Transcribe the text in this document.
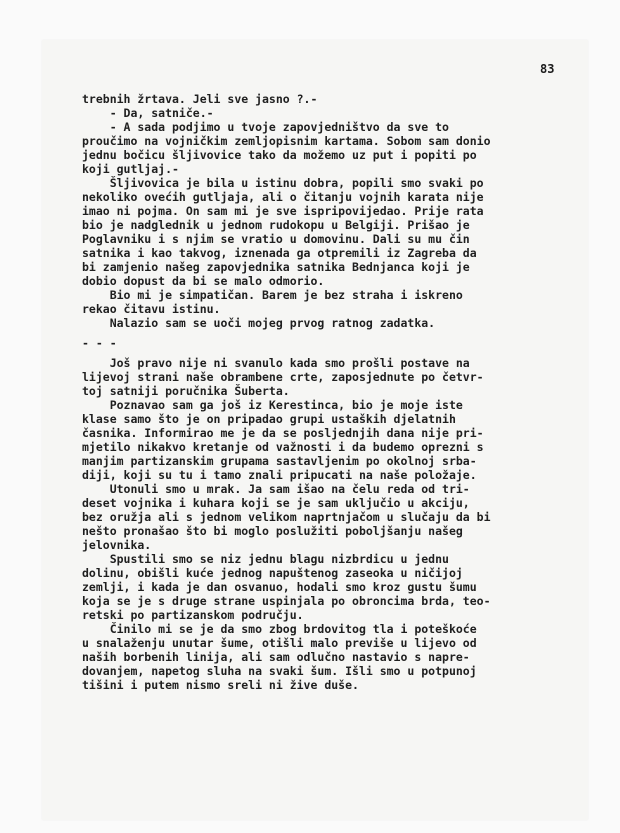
83

trebnih žrtava. Jeli sve jasno ?.-
- Da, satniče.-
- A sada podjimo u tvoje zapovjedništvo da sve to
proučimo na vojničkim zemljopisnim kartama. Sobom sam donio
jednu bočicu šljivovice tako da možemo uz put i popiti po
koji gutljaj.-
Šljivovica je bila u istinu dobra, popili smo svaki po
nekoliko ovećih gutljaja, ali o čitanju vojnih karata nije
imao ni pojma. On sam mi je sve ispripovijedao. Prije rata
bio je nadglednik u jednom rudokopu u Belgiji. Prišao je
Poglavniku i s njim se vratio u domovinu. Dali su mu čin
satnika i kao takvog, iznenada ga otpremili iz Zagreba da
bi zamjenio našeg zapovjednika satnika Bednjanca koji je
dobio dopust da bi se malo odmorio.
Bio mi je simpatičan. Barem je bez straha i iskreno
rekao čitavu istinu.
Nalazio sam se uoči mojeg prvog ratnog zadatka.
- - -
Još pravo nije ni svanulo kada smo prošli postave na
lijevoj strani naše obrambene crte, zaposjednute po četvr-
toj satniji poručnika Šuberta.
Poznavao sam ga još iz Kerestinca, bio je moje iste
klase samo što je on pripadao grupi ustaških djelatnih
časnika. Informirao me je da se posljednjih dana nije pri-
mjetilo nikakvo kretanje od važnosti i da budemo oprezni s
manjim partizanskim grupama sastavljenim po okolnoj srba-
diji, koji su tu i tamo znali pripucati na naše položaje.
Utonuli smo u mrak. Ja sam išao na čelu reda od tri-
deset vojnika i kuhara koji se je sam uključio u akciju,
bez oružja ali s jednom velikom naprtnjačom u slučaju da bi
nešto pronašao što bi moglo poslužiti poboljšanju našeg
jelovnika.
Spustili smo se niz jednu blagu nizbrdicu u jednu
dolinu, obišli kuće jednog napuštenog zaseoka u ničijoj
zemlji, i kada je dan osvanuo, hodali smo kroz gustu šumu
koja se je s druge strane uspinjala po obroncima brda, teo-
retski po partizanskom području.
Činilo mi se je da smo zbog brdovitog tla i poteškoće
u snalaženju unutar šume, otišli malo previše u lijevo od
naših borbenih linija, ali sam odlučno nastavio s napre-
dovanjem, napetog sluha na svaki šum. Išli smo u potpunoj
tišini i putem nismo sreli ni žive duše.
